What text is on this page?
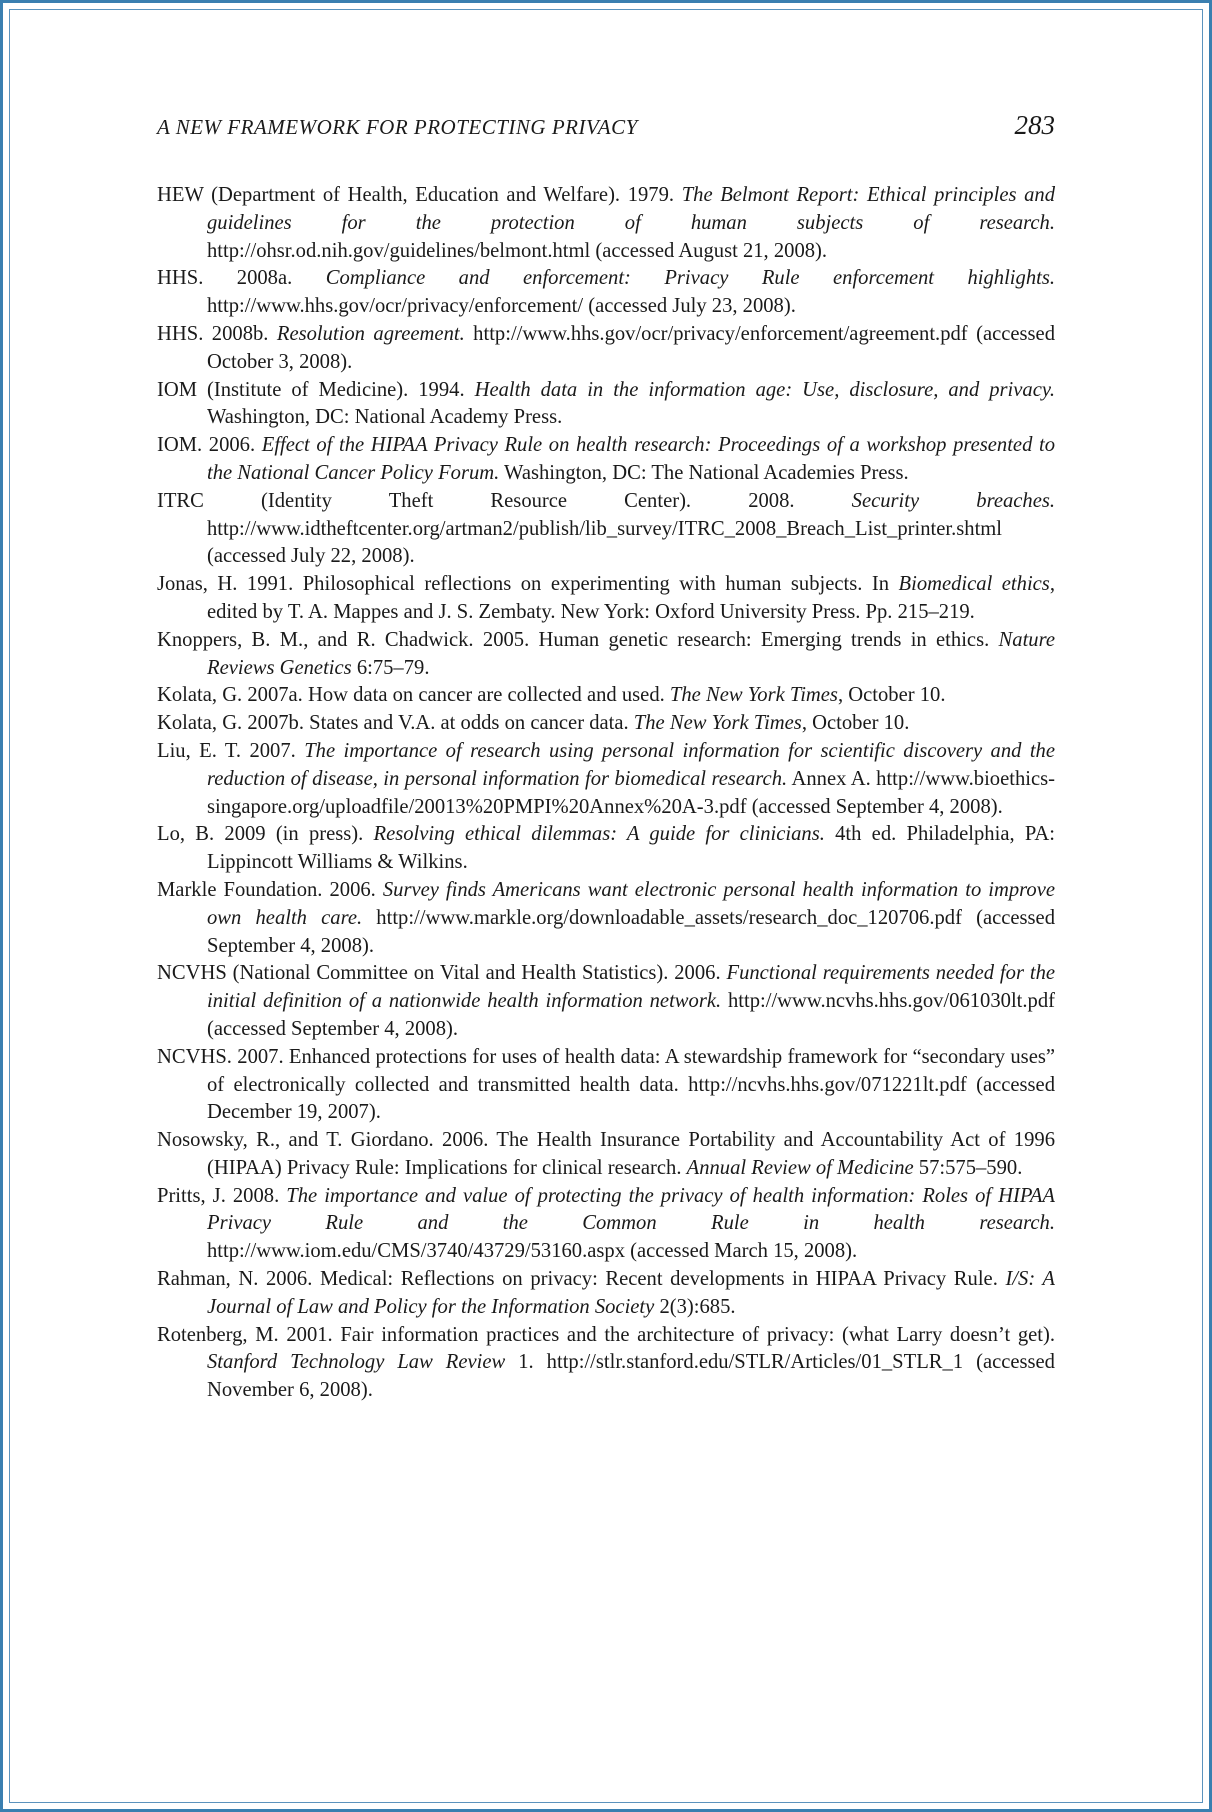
A NEW FRAMEWORK FOR PROTECTING PRIVACY	283
HEW (Department of Health, Education and Welfare). 1979. The Belmont Report: Ethical principles and guidelines for the protection of human subjects of research. http://ohsr.od.nih.gov/guidelines/belmont.html (accessed August 21, 2008).
HHS. 2008a. Compliance and enforcement: Privacy Rule enforcement highlights. http://www.hhs.gov/ocr/privacy/enforcement/ (accessed July 23, 2008).
HHS. 2008b. Resolution agreement. http://www.hhs.gov/ocr/privacy/enforcement/agreement.pdf (accessed October 3, 2008).
IOM (Institute of Medicine). 1994. Health data in the information age: Use, disclosure, and privacy. Washington, DC: National Academy Press.
IOM. 2006. Effect of the HIPAA Privacy Rule on health research: Proceedings of a workshop presented to the National Cancer Policy Forum. Washington, DC: The National Academies Press.
ITRC (Identity Theft Resource Center). 2008. Security breaches. http://www.idtheftcenter.org/artman2/publish/lib_survey/ITRC_2008_Breach_List_printer.shtml (accessed July 22, 2008).
Jonas, H. 1991. Philosophical reflections on experimenting with human subjects. In Biomedical ethics, edited by T. A. Mappes and J. S. Zembaty. New York: Oxford University Press. Pp. 215–219.
Knoppers, B. M., and R. Chadwick. 2005. Human genetic research: Emerging trends in ethics. Nature Reviews Genetics 6:75–79.
Kolata, G. 2007a. How data on cancer are collected and used. The New York Times, October 10.
Kolata, G. 2007b. States and V.A. at odds on cancer data. The New York Times, October 10.
Liu, E. T. 2007. The importance of research using personal information for scientific discovery and the reduction of disease, in personal information for biomedical research. Annex A. http://www.bioethics-singapore.org/uploadfile/20013%20PMPI%20Annex%20A-3.pdf (accessed September 4, 2008).
Lo, B. 2009 (in press). Resolving ethical dilemmas: A guide for clinicians. 4th ed. Philadelphia, PA: Lippincott Williams & Wilkins.
Markle Foundation. 2006. Survey finds Americans want electronic personal health information to improve own health care. http://www.markle.org/downloadable_assets/research_doc_120706.pdf (accessed September 4, 2008).
NCVHS (National Committee on Vital and Health Statistics). 2006. Functional requirements needed for the initial definition of a nationwide health information network. http://www.ncvhs.hhs.gov/061030lt.pdf (accessed September 4, 2008).
NCVHS. 2007. Enhanced protections for uses of health data: A stewardship framework for “secondary uses” of electronically collected and transmitted health data. http://ncvhs.hhs.gov/071221lt.pdf (accessed December 19, 2007).
Nosowsky, R., and T. Giordano. 2006. The Health Insurance Portability and Accountability Act of 1996 (HIPAA) Privacy Rule: Implications for clinical research. Annual Review of Medicine 57:575–590.
Pritts, J. 2008. The importance and value of protecting the privacy of health information: Roles of HIPAA Privacy Rule and the Common Rule in health research. http://www.iom.edu/CMS/3740/43729/53160.aspx (accessed March 15, 2008).
Rahman, N. 2006. Medical: Reflections on privacy: Recent developments in HIPAA Privacy Rule. I/S: A Journal of Law and Policy for the Information Society 2(3):685.
Rotenberg, M. 2001. Fair information practices and the architecture of privacy: (what Larry doesn’t get). Stanford Technology Law Review 1. http://stlr.stanford.edu/STLR/Articles/01_STLR_1 (accessed November 6, 2008).
